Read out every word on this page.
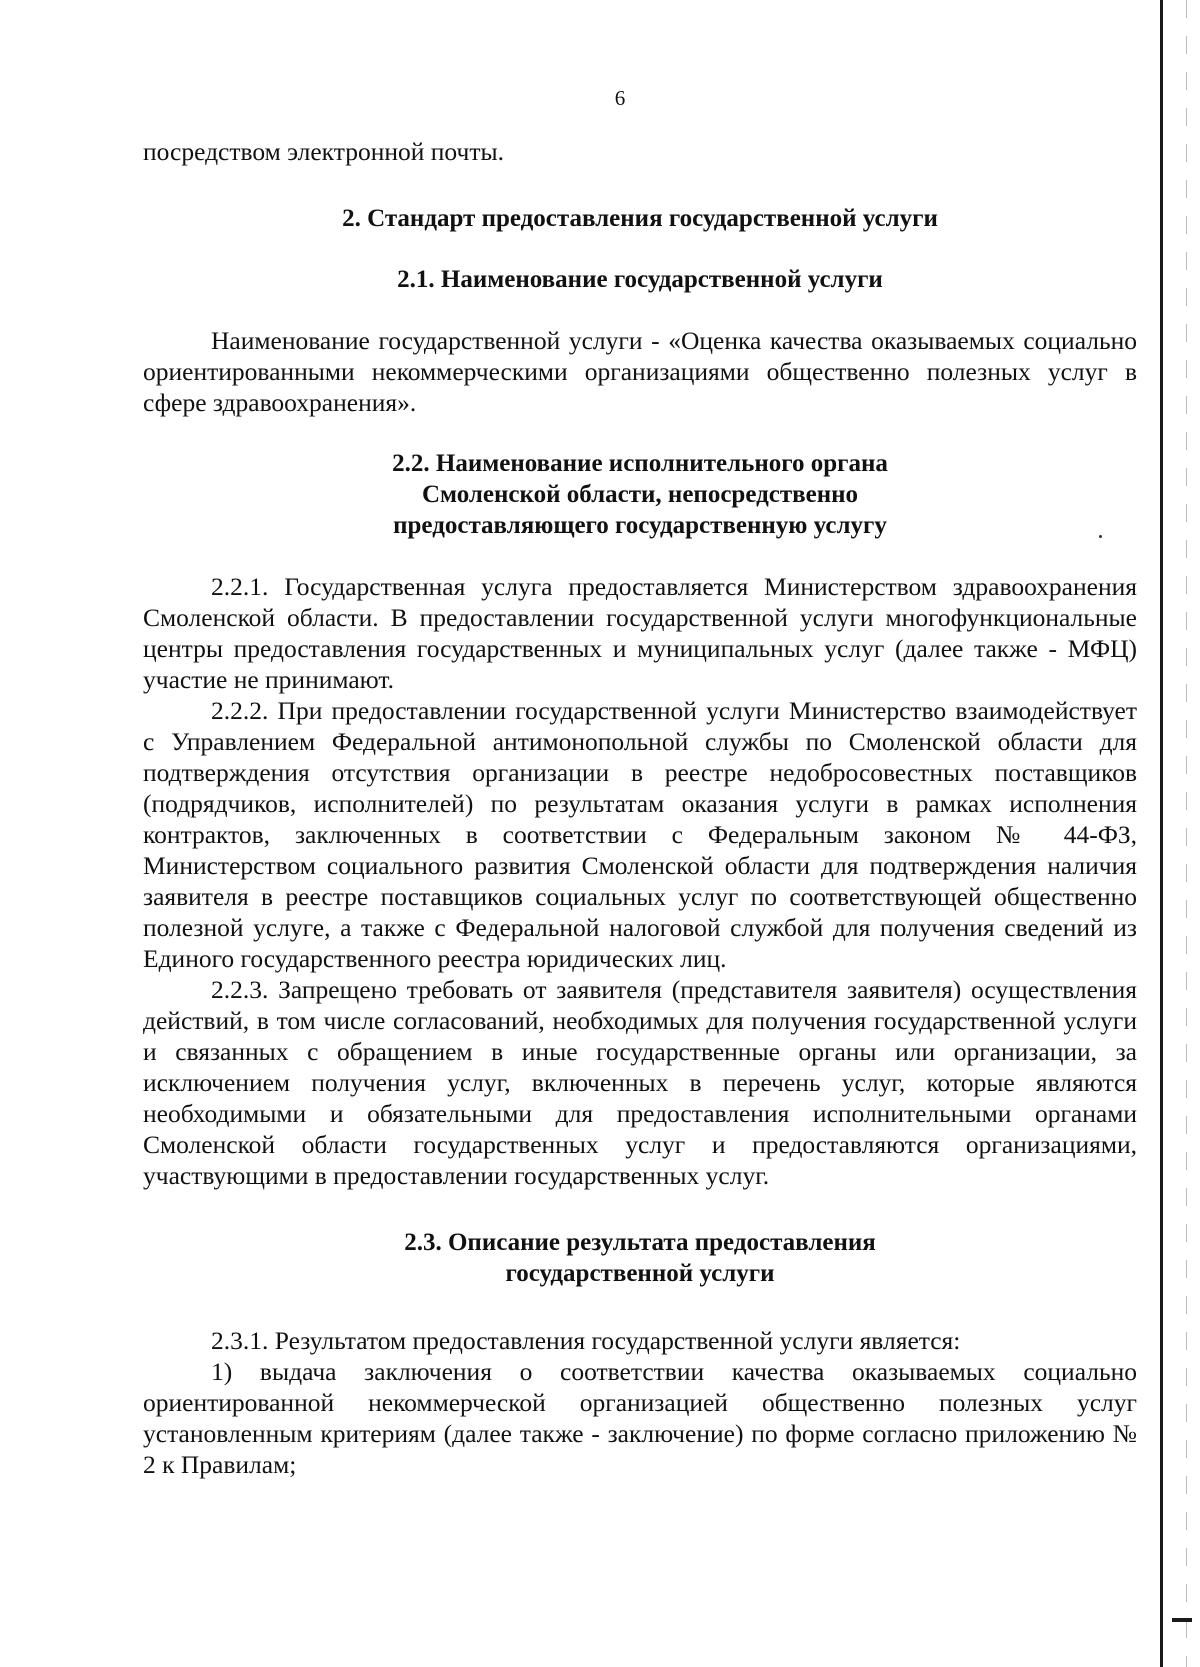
6

посредством электронной почты.

2. Стандарт предоставления государственной услуги

2.1. Наименование государственной услуги

Наименование государственной услуги - «Оценка качества оказываемых социально ориентированными некоммерческими организациями общественно полезных услуг в сфере здравоохранения».

2.2. Наименование исполнительного органа

Смоленской области, непосредственно

предоставляющего государственную услугу

2.2.1. Государственная услуга предоставляется Министерством здравоохранения Смоленской области. В предоставлении государственной услуги многофункциональные центры предоставления государственных и муниципальных услуг (далее также - МФЦ) участие не принимают.

2.2.2. При предоставлении государственной услуги Министерство взаимодействует с Управлением Федеральной антимонопольной службы по Смоленской области для подтверждения отсутствия организации в реестре недобросовестных поставщиков (подрядчиков, исполнителей) по результатам оказания услуги в рамках исполнения контрактов, заключенных в соответствии с Федеральным законом № 44-ФЗ, Министерством социального развития Смоленской области для подтверждения наличия заявителя в реестре поставщиков социальных услуг по соответствующей общественно полезной услуге, а также с Федеральной налоговой службой для получения сведений из Единого государственного реестра юридических лиц.

2.2.3. Запрещено требовать от заявителя (представителя заявителя) осуществления действий, в том числе согласований, необходимых для получения государственной услуги и связанных с обращением в иные государственные органы или организации, за исключением получения услуг, включенных в перечень услуг, которые являются необходимыми и обязательными для предоставления исполнительными органами Смоленской области государственных услуг и предоставляются организациями, участвующими в предоставлении государственных услуг.

2.3. Описание результата предоставления

государственной услуги

2.3.1. Результатом предоставления государственной услуги является:

1) выдача заключения о соответствии качества оказываемых социально ориентированной некоммерческой организацией общественно полезных услуг установленным критериям (далее также - заключение) по форме согласно приложению № 2 к Правилам;
